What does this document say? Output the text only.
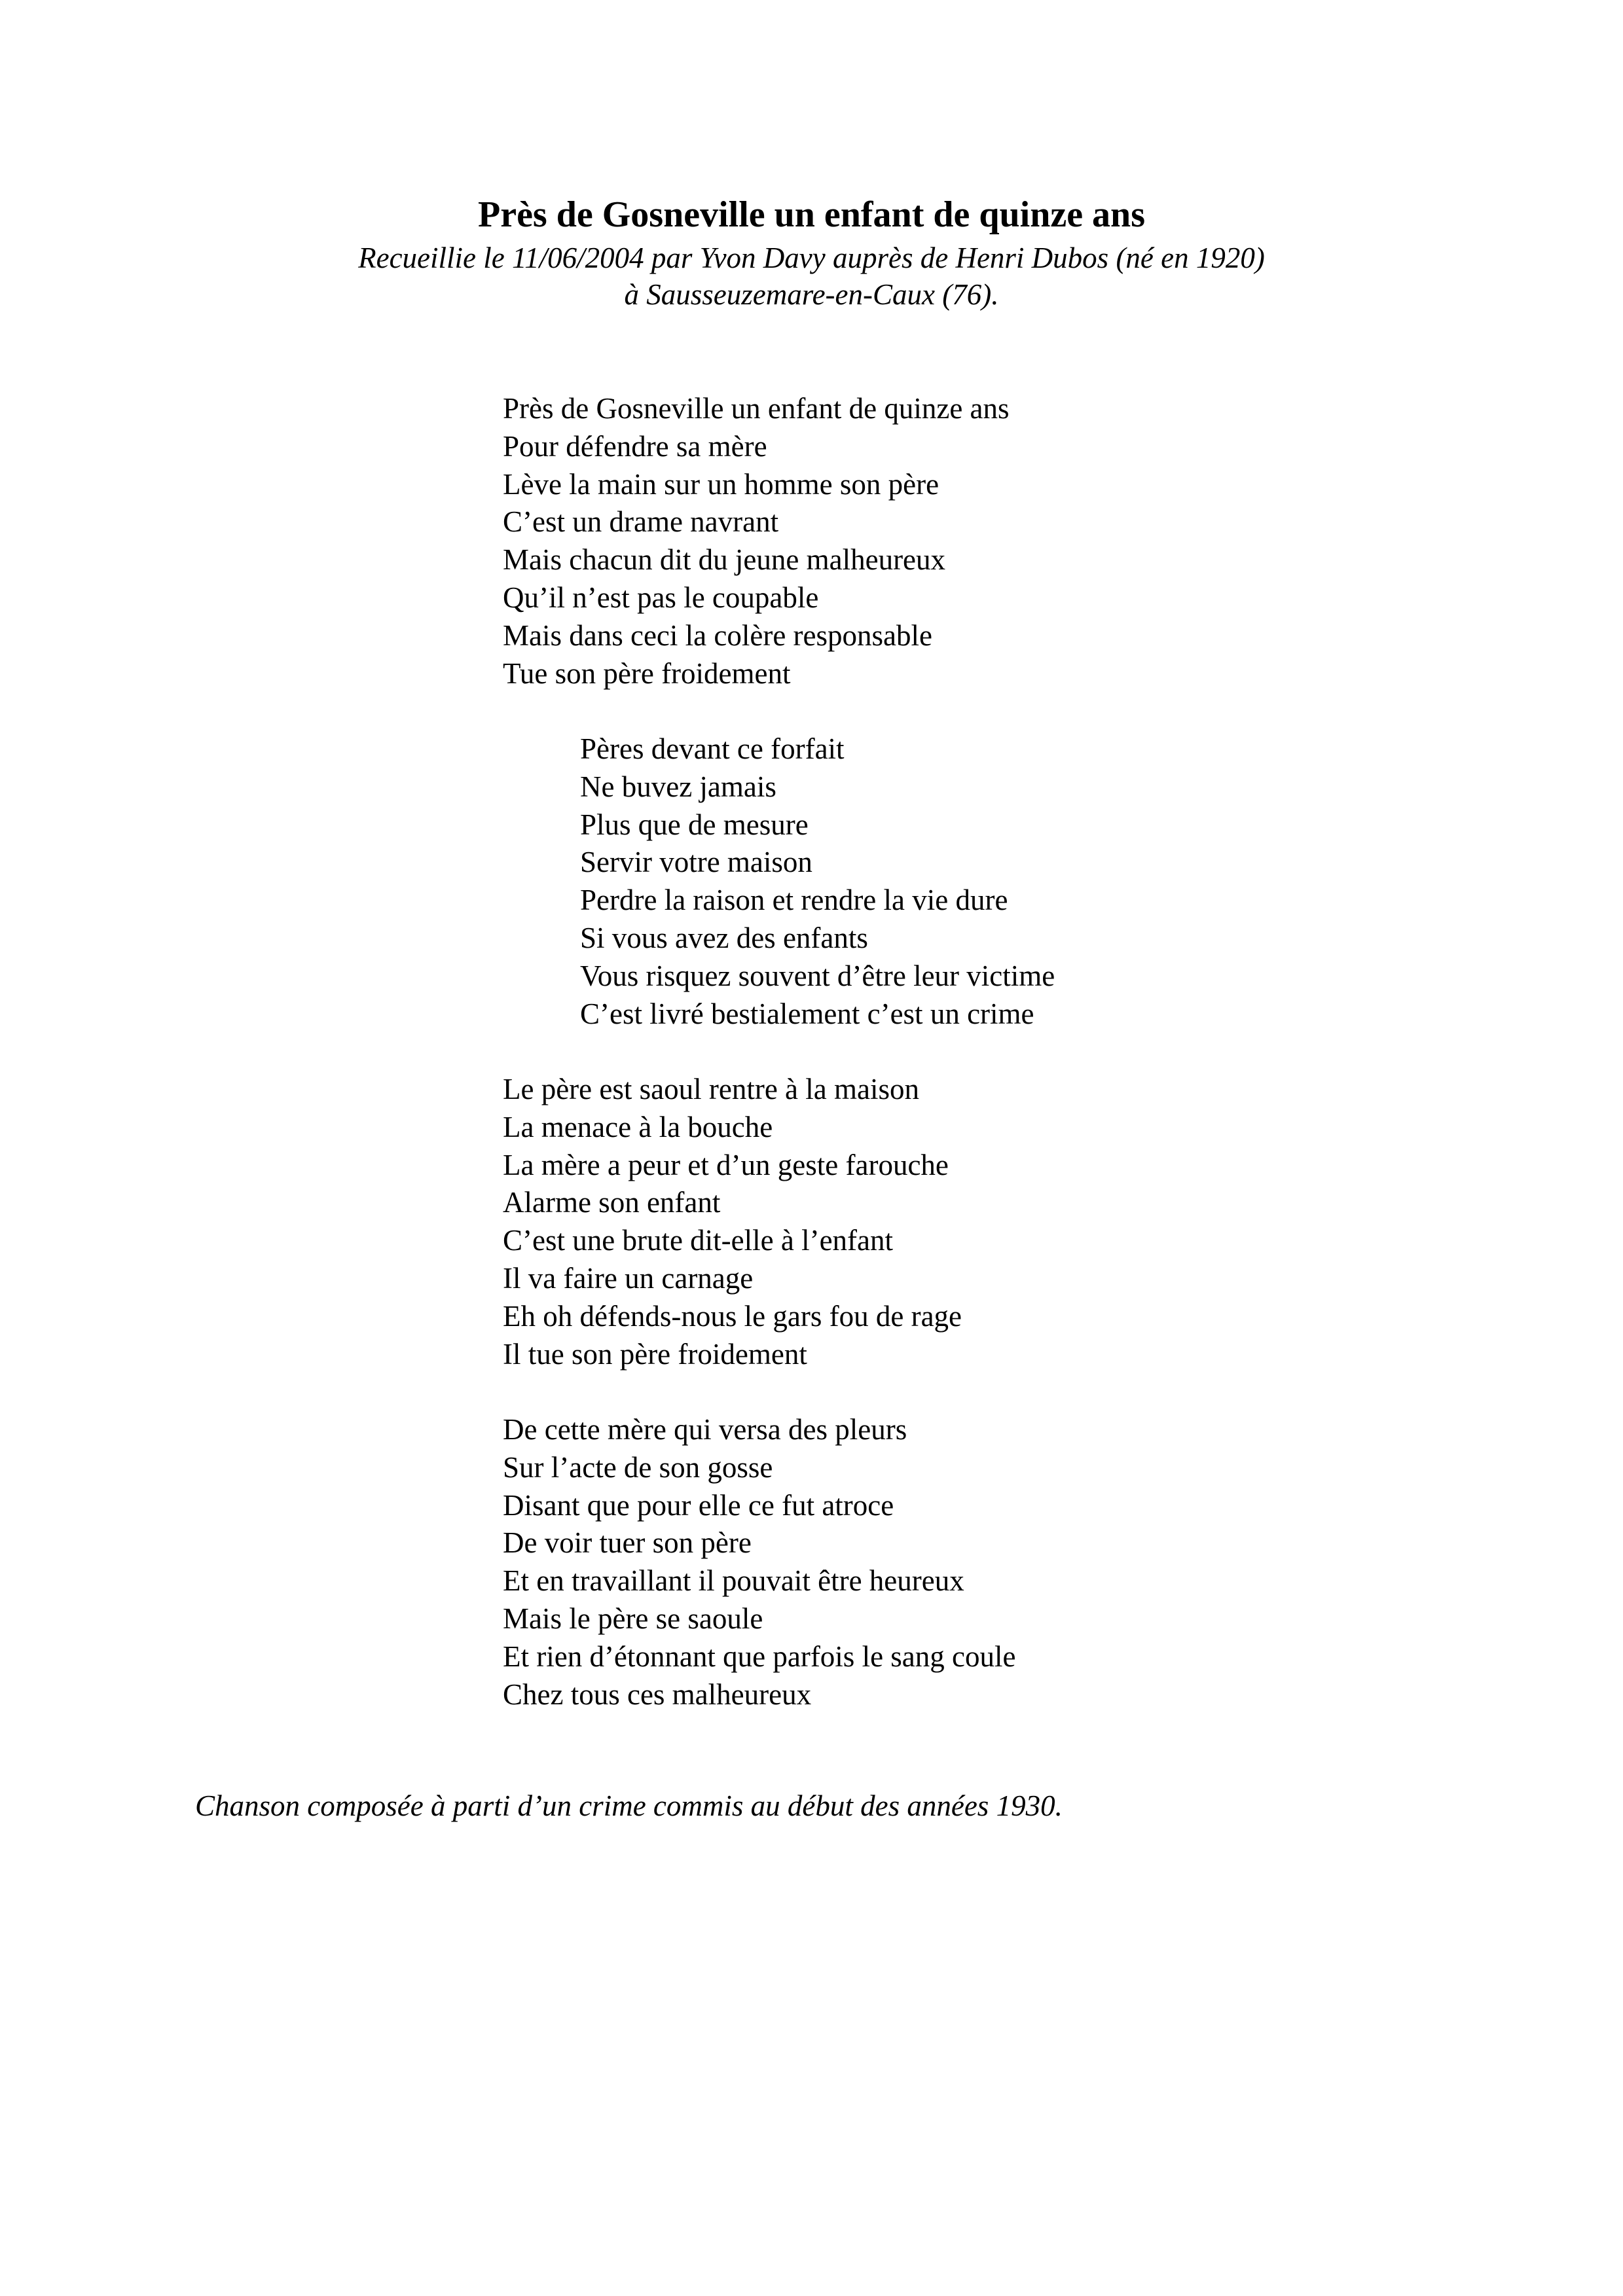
Près de Gosneville un enfant de quinze ans
Recueillie le 11/06/2004 par Yvon Davy auprès de Henri Dubos (né en 1920)
à Sausseuzemare-en-Caux (76).
Près de Gosneville un enfant de quinze ans
Pour défendre sa mère
Lève la main sur un homme son père
C’est un drame navrant
Mais chacun dit du jeune malheureux
Qu’il n’est pas le coupable
Mais dans ceci la colère responsable
Tue son père froidement
Pères devant ce forfait
Ne buvez jamais
Plus que de mesure
Servir votre maison
Perdre la raison et rendre la vie dure
Si vous avez des enfants
Vous risquez souvent d’être leur victime
C’est livré bestialement c’est un crime
Le père est saoul rentre à la maison
La menace à la bouche
La mère a peur et d’un geste farouche
Alarme son enfant
C’est une brute dit-elle à l’enfant
Il va faire un carnage
Eh oh défends-nous le gars fou de rage
Il tue son père froidement
De cette mère qui versa des pleurs
Sur l’acte de son gosse
Disant que pour elle ce fut atroce
De voir tuer son père
Et en travaillant il pouvait être heureux
Mais le père se saoule
Et rien d’étonnant que parfois le sang coule
Chez tous ces malheureux
Chanson composée à parti d’un crime commis au début des années 1930.
